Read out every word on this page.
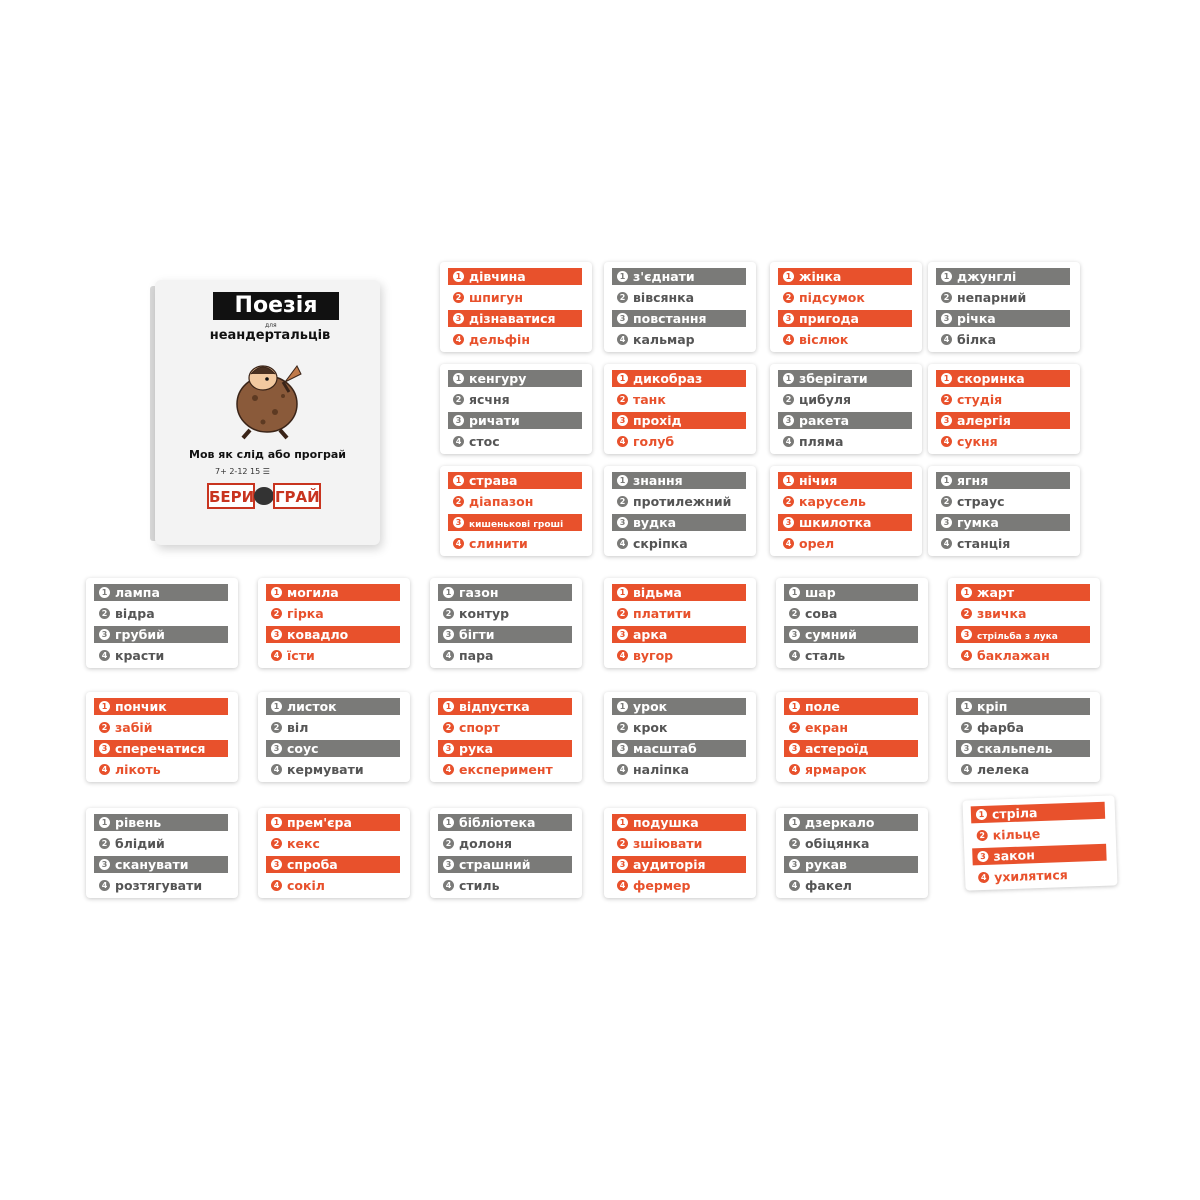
Поезія
для
неандертальців
Мов як слід або програй
7+ 2-12 15 ☰
БЕРИ ГРАЙ
1 дівчина
2 шпигун
3 дізнаватися
4 дельфін
1 з'єднати
2 вівсянка
3 повстання
4 кальмар
1 жінка
2 підсумок
3 пригода
4 віслюк
1 джунглі
2 непарний
3 річка
4 білка
1 кенгуру
2 ясчня
3 ричати
4 стос
1 дикобраз
2 танк
3 прохід
4 голуб
1 зберігати
2 цибуля
3 ракета
4 пляма
1 скоринка
2 студія
3 алергія
4 сукня
1 страва
2 діапазон
3 кишенькові гроші
4 слинити
1 знання
2 протилежний
3 вудка
4 скріпка
1 нічия
2 карусель
3 шкилотка
4 орел
1 ягня
2 страус
3 гумка
4 станція
1 лампа
2 відра
3 грубий
4 красти
1 могила
2 гірка
3 ковадло
4 їсти
1 газон
2 контур
3 бігти
4 пара
1 відьма
2 платити
3 арка
4 вугор
1 шар
2 сова
3 сумний
4 сталь
1 жарт
2 звичка
3 стрільба з лука
4 баклажан
1 пончик
2 забій
3 сперечатися
4 лікоть
1 листок
2 віл
3 соус
4 кермувати
1 відпустка
2 спорт
3 рука
4 експеримент
1 урок
2 крок
3 масштаб
4 наліпка
1 поле
2 екран
3 астероїд
4 ярмарок
1 кріп
2 фарба
3 скальпель
4 лелека
1 рівень
2 блідий
3 сканувати
4 розтягувати
1 прем'єра
2 кекс
3 спроба
4 сокіл
1 бібліотека
2 долоня
3 страшний
4 стиль
1 подушка
2 зшіювати
3 аудиторія
4 фермер
1 дзеркало
2 обіцянка
3 рукав
4 факел
1 стріла
2 кільце
3 закон
4 ухилятися
